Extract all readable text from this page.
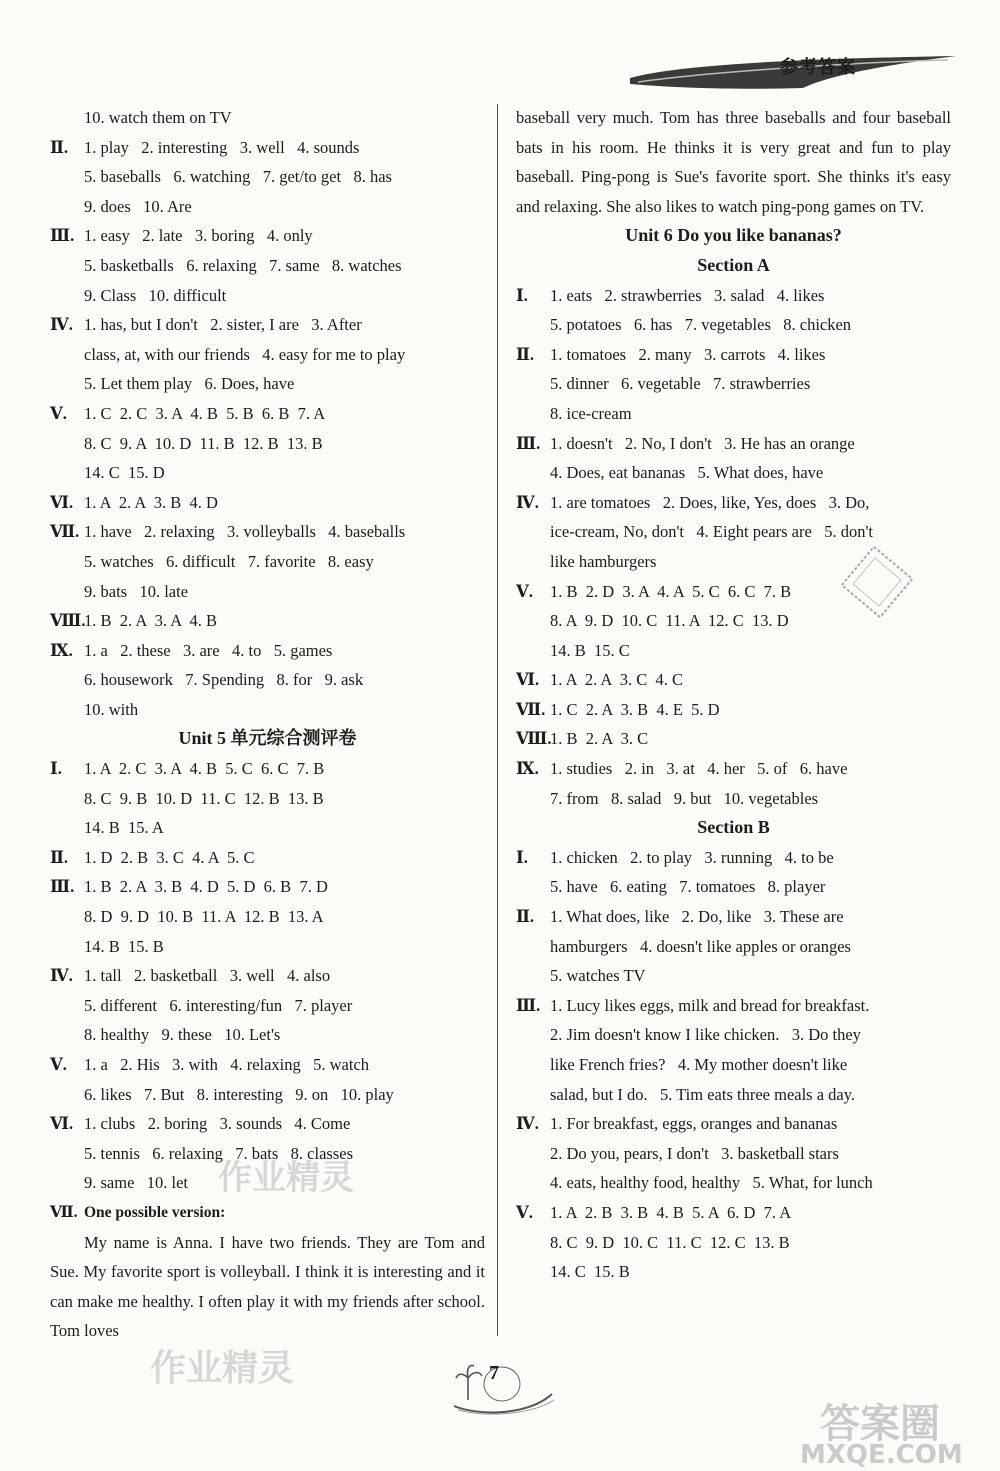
参考答案
10. watch them on TV
Ⅱ. 1. play   2. interesting   3. well   4. sounds
5. baseballs   6. watching   7. get/to get   8. has
9. does   10. Are
Ⅲ. 1. easy   2. late   3. boring   4. only
5. basketballs   6. relaxing   7. same   8. watches
9. Class   10. difficult
Ⅳ. 1. has, but I don't   2. sister, I are   3. After
class, at, with our friends   4. easy for me to play
5. Let them play   6. Does, have
Ⅴ. 1. C  2. C  3. A  4. B  5. B  6. B  7. A
8. C  9. A  10. D  11. B  12. B  13. B
14. C  15. D
Ⅵ. 1. A  2. A  3. B  4. D
Ⅶ. 1. have   2. relaxing   3. volleyballs   4. baseballs
5. watches   6. difficult   7. favorite   8. easy
9. bats   10. late
Ⅷ.1. B  2. A  3. A  4. B
Ⅸ. 1. a   2. these   3. are   4. to   5. games
6. housework   7. Spending   8. for   9. ask
10. with
Unit 5 单元综合测评卷
Ⅰ. 1. A  2. C  3. A  4. B  5. C  6. C  7. B
8. C  9. B  10. D  11. C  12. B  13. B
14. B  15. A
Ⅱ. 1. D  2. B  3. C  4. A  5. C
Ⅲ. 1. B  2. A  3. B  4. D  5. D  6. B  7. D
8. D  9. D  10. B  11. A  12. B  13. A
14. B  15. B
Ⅳ. 1. tall   2. basketball   3. well   4. also
5. different   6. interesting/fun   7. player
8. healthy   9. these   10. Let's
Ⅴ. 1. a   2. His   3. with   4. relaxing   5. watch
6. likes   7. But   8. interesting   9. on   10. play
Ⅵ. 1. clubs   2. boring   3. sounds   4. Come
5. tennis   6. relaxing   7. bats   8. classes
9. same   10. let
Ⅶ. One possible version:
My name is Anna. I have two friends. They are Tom and Sue. My favorite sport is volleyball. I think it is interesting and it can make me healthy. I often play it with my friends after school. Tom loves
baseball very much. Tom has three baseballs and four baseball bats in his room. He thinks it is very great and fun to play baseball. Ping-pong is Sue's favorite sport. She thinks it's easy and relaxing. She also likes to watch ping-pong games on TV.
Unit 6 Do you like bananas?
Section A
Ⅰ. 1. eats   2. strawberries   3. salad   4. likes
5. potatoes   6. has   7. vegetables   8. chicken
Ⅱ. 1. tomatoes   2. many   3. carrots   4. likes
5. dinner   6. vegetable   7. strawberries
8. ice-cream
Ⅲ. 1. doesn't   2. No, I don't   3. He has an orange
4. Does, eat bananas   5. What does, have
Ⅳ. 1. are tomatoes   2. Does, like, Yes, does   3. Do,
ice-cream, No, don't   4. Eight pears are   5. don't
like hamburgers
Ⅴ. 1. B  2. D  3. A  4. A  5. C  6. C  7. B
8. A  9. D  10. C  11. A  12. C  13. D
14. B  15. C
Ⅵ. 1. A  2. A  3. C  4. C
Ⅶ. 1. C  2. A  3. B  4. E  5. D
Ⅷ.1. B  2. A  3. C
Ⅸ. 1. studies   2. in   3. at   4. her   5. of   6. have
7. from   8. salad   9. but   10. vegetables
Section B
Ⅰ. 1. chicken   2. to play   3. running   4. to be
5. have   6. eating   7. tomatoes   8. player
Ⅱ. 1. What does, like   2. Do, like   3. These are
hamburgers   4. doesn't like apples or oranges
5. watches TV
Ⅲ. 1. Lucy likes eggs, milk and bread for breakfast.
2. Jim doesn't know I like chicken.   3. Do they
like French fries?   4. My mother doesn't like
salad, but I do.   5. Tim eats three meals a day.
Ⅳ. 1. For breakfast, eggs, oranges and bananas
2. Do you, pears, I don't   3. basketball stars
4. eats, healthy food, healthy   5. What, for lunch
Ⅴ. 1. A  2. B  3. B  4. B  5. A  6. D  7. A
8. C  9. D  10. C  11. C  12. C  13. B
14. C  15. B
7
作业精灵
作业精灵
答案圈
MXQE.COM
